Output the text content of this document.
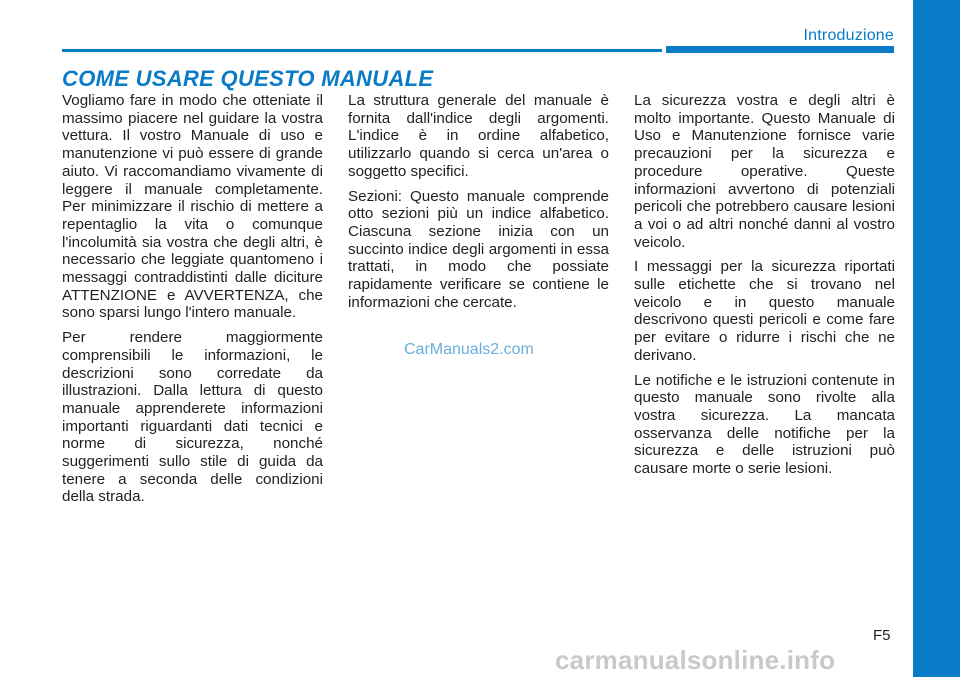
Introduzione
COME USARE QUESTO MANUALE

Vogliamo fare in modo che otteniate il massimo piacere nel guidare la vostra vettura. Il vostro Manuale di uso e manutenzione vi può essere di grande aiuto. Vi raccomandiamo vivamente di leggere il manuale completamente. Per minimizzare il rischio di mettere a repentaglio la vita o comunque l'incolumità sia vostra che degli altri, è necessario che leggiate quantomeno i messaggi contraddistinti dalle diciture ATTENZIONE e AVVERTENZA, che sono sparsi lungo l'intero manuale.

Per rendere maggiormente comprensibili le informazioni, le descrizioni sono corredate da illustrazioni. Dalla lettura di questo manuale apprenderete informazioni importanti riguardanti dati tecnici e norme di sicurezza, nonché suggerimenti sullo stile di guida da tenere a seconda delle condizioni della strada.

La struttura generale del manuale è fornita dall'indice degli argomenti. L'indice è in ordine alfabetico, utilizzarlo quando si cerca un'area o soggetto specifici.

Sezioni: Questo manuale comprende otto sezioni più un indice alfabetico. Ciascuna sezione inizia con un succinto indice degli argomenti in essa trattati, in modo che possiate rapidamente verificare se contiene le informazioni che cercate.

La sicurezza vostra e degli altri è molto importante. Questo Manuale di Uso e Manutenzione fornisce varie precauzioni per la sicurezza e procedure operative. Queste informazioni avvertono di potenziali pericoli che potrebbero causare lesioni a voi o ad altri nonché danni al vostro veicolo.

I messaggi per la sicurezza riportati sulle etichette che si trovano nel veicolo e in questo manuale descrivono questi pericoli e come fare per evitare o ridurre i rischi che ne derivano.

Le notifiche e le istruzioni contenute in questo manuale sono rivolte alla vostra sicurezza. La mancata osservanza delle notifiche per la sicurezza e delle istruzioni può causare morte o serie lesioni.

CarManuals2.com
carmanualsonline.info
F5
